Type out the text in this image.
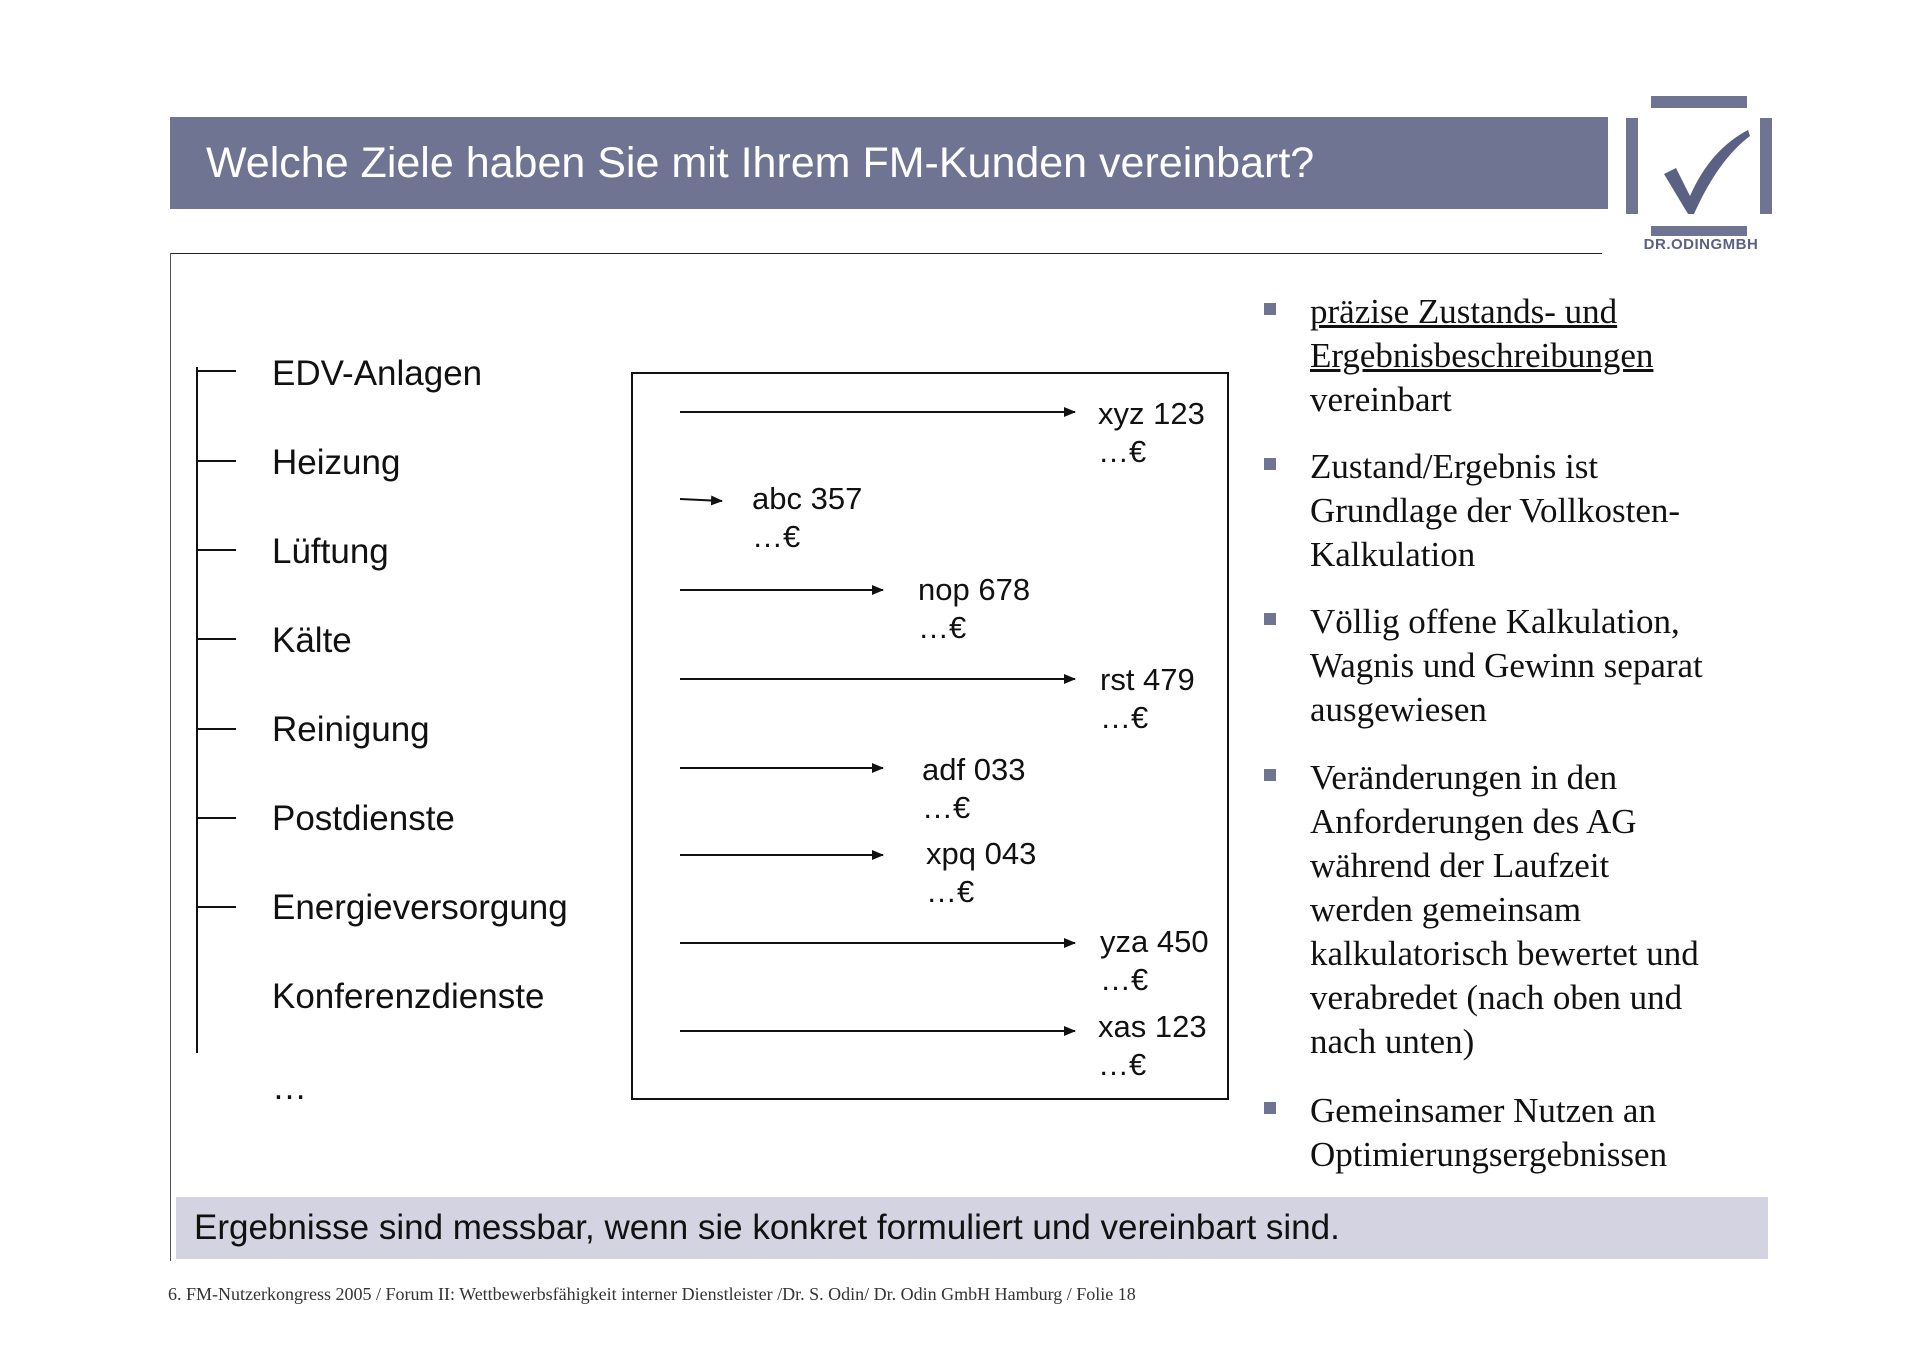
Welche Ziele haben Sie mit Ihrem FM-Kunden vereinbart?
DR.ODINGMBH
EDV-Anlagen
Heizung
Lüftung
Kälte
Reinigung
Postdienste
Energieversorgung
Konferenzdienste
…
xyz 123
…€
abc 357
…€
nop 678
…€
rst 479
…€
adf 033
…€
xpq 043
…€
yza 450
…€
xas 123
…€
präzise Zustands- und
Ergebnisbeschreibungen
vereinbart
Zustand/Ergebnis ist
Grundlage der Vollkosten-
Kalkulation
Völlig offene Kalkulation,
Wagnis und Gewinn separat
ausgewiesen
Veränderungen in den
Anforderungen des AG
während der Laufzeit
werden gemeinsam
kalkulatorisch bewertet und
verabredet (nach oben und
nach unten)
Gemeinsamer Nutzen an
Optimierungsergebnissen
Ergebnisse sind messbar, wenn sie konkret formuliert und vereinbart sind.
6. FM-Nutzerkongress 2005 / Forum II: Wettbewerbsfähigkeit interner Dienstleister /Dr. S. Odin/ Dr. Odin GmbH Hamburg / Folie 18
